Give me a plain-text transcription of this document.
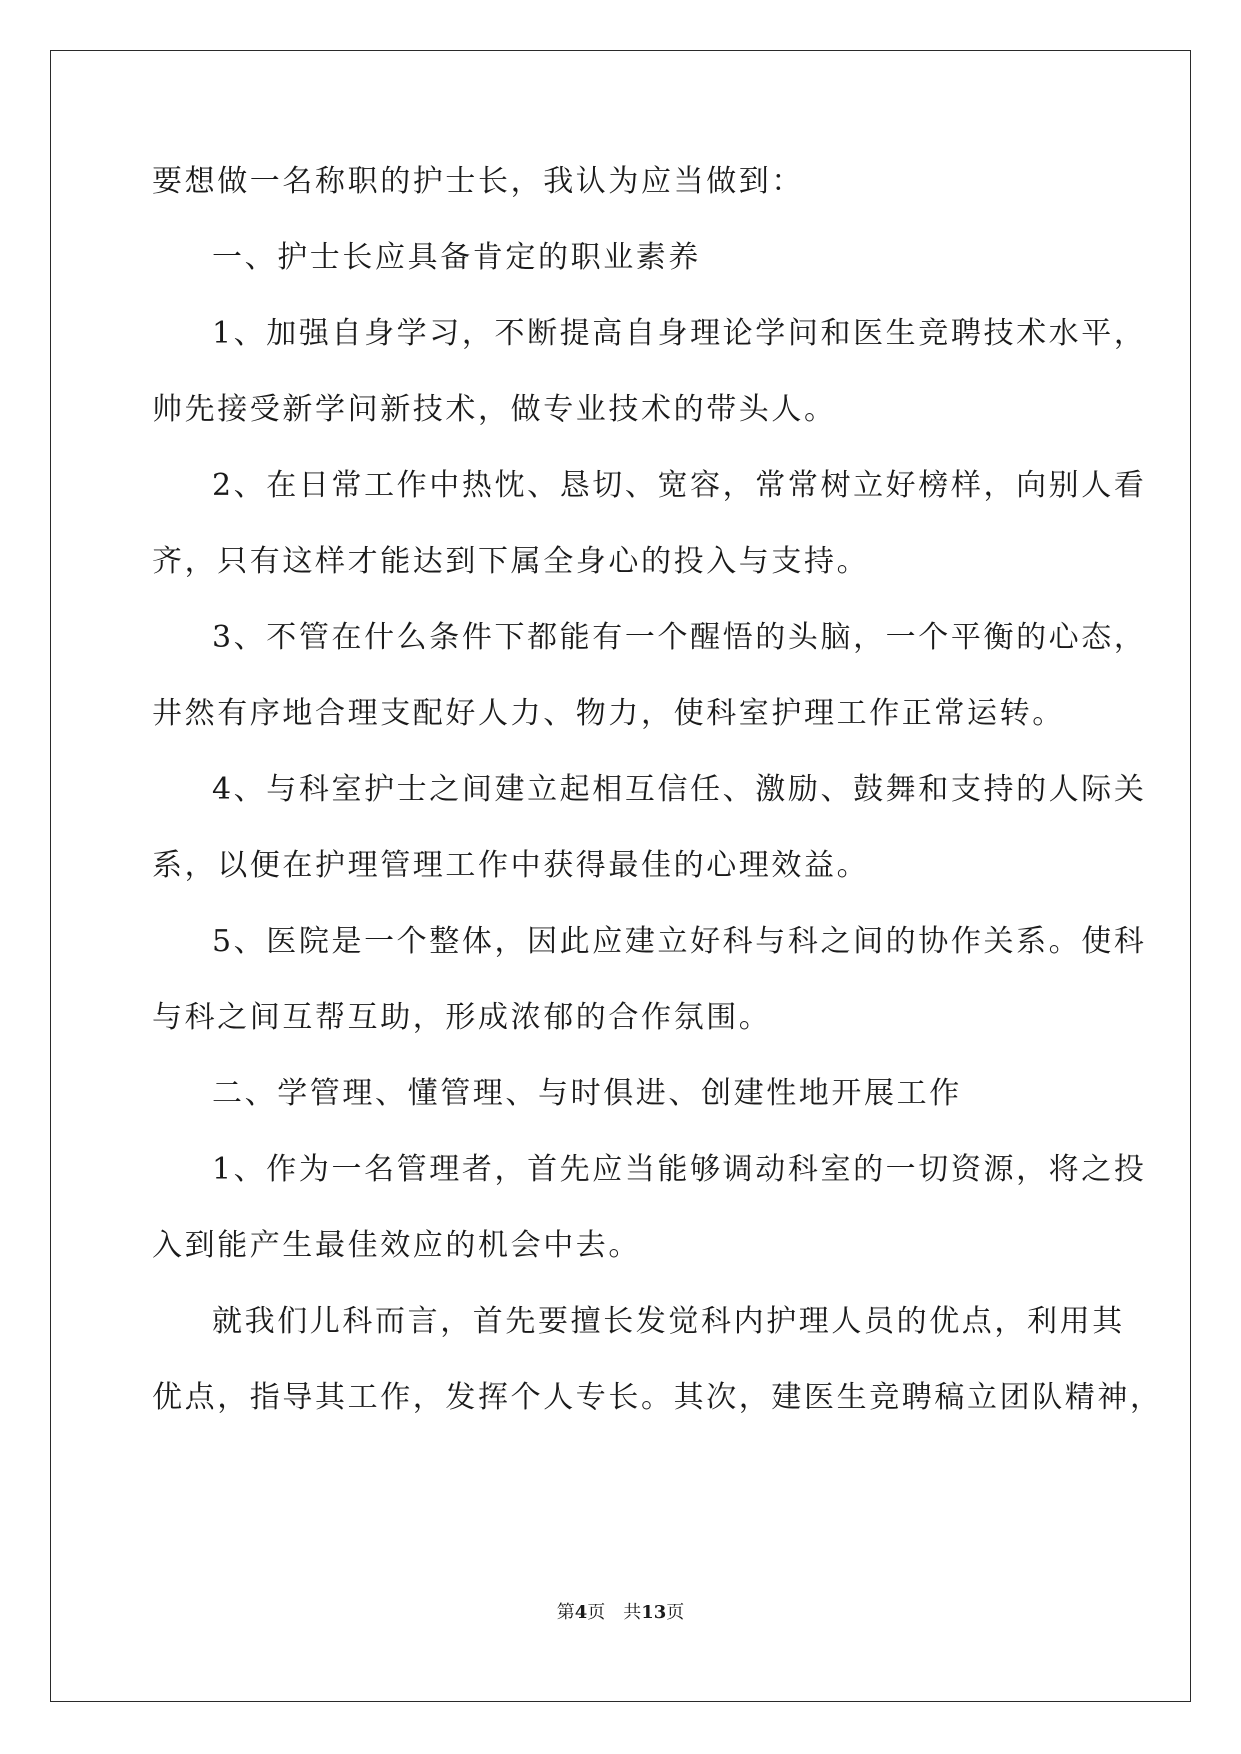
要想做一名称职的护士长，我认为应当做到：
一、护士长应具备肯定的职业素养
1、加强自身学习，不断提高自身理论学问和医生竞聘技术水平，
帅先接受新学问新技术，做专业技术的带头人。
2、在日常工作中热忱、恳切、宽容，常常树立好榜样，向别人看
齐，只有这样才能达到下属全身心的投入与支持。
3、不管在什么条件下都能有一个醒悟的头脑，一个平衡的心态，
井然有序地合理支配好人力、物力，使科室护理工作正常运转。
4、与科室护士之间建立起相互信任、激励、鼓舞和支持的人际关
系，以便在护理管理工作中获得最佳的心理效益。
5、医院是一个整体，因此应建立好科与科之间的协作关系。使科
与科之间互帮互助，形成浓郁的合作氛围。
二、学管理、懂管理、与时俱进、创建性地开展工作
1、作为一名管理者，首先应当能够调动科室的一切资源，将之投
入到能产生最佳效应的机会中去。
就我们儿科而言，首先要擅长发觉科内护理人员的优点，利用其
优点，指导其工作，发挥个人专长。其次，建医生竞聘稿立团队精神，
第4页 共13页
